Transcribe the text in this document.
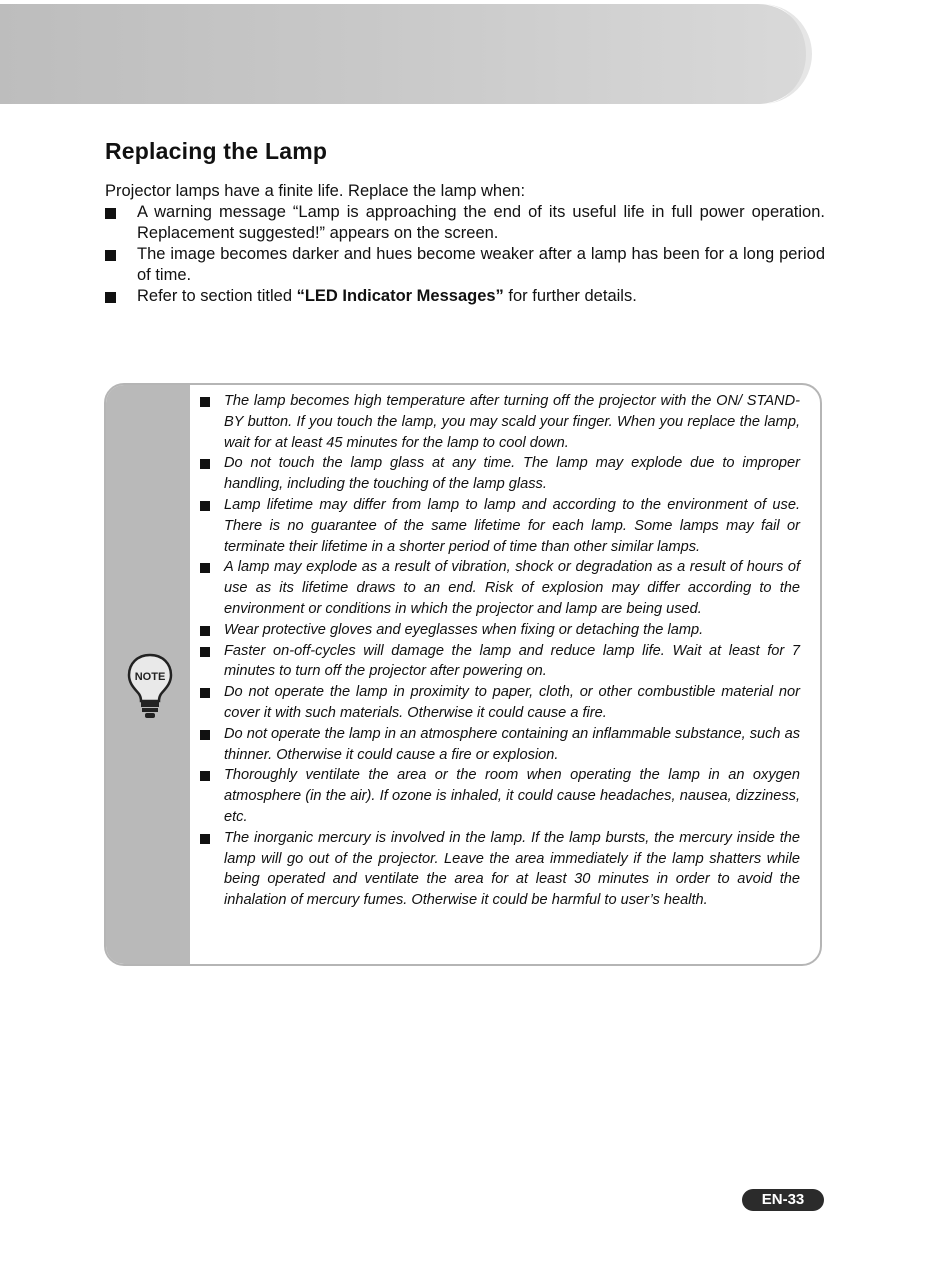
Replacing the Lamp

Projector lamps have a finite life. Replace the lamp when:

A warning message “Lamp is approaching the end of its useful life in full power operation. Replacement suggested!” appears on the screen.
The image becomes darker and hues become weaker after a lamp has been for a long period of time.
Refer to section titled “LED Indicator Messages” for further details.
NOTE
The lamp becomes high temperature after turning off the projector with the ON/ STAND-BY button. If you touch the lamp, you may scald your finger. When you replace the lamp, wait for at least 45 minutes for the lamp to cool down.
Do not touch the lamp glass at any time. The lamp may explode due to improper handling, including the touching of the lamp glass.
Lamp lifetime may differ from lamp to lamp and according to the environment of use. There is no guarantee of the same lifetime for each lamp. Some lamps may fail or terminate their lifetime in a shorter period of time than other similar lamps.
A lamp may explode as a result of vibration, shock or degradation as a result of hours of use as its lifetime draws to an end. Risk of explosion may differ according to the environment or conditions in which the projector and lamp are being used.
Wear protective gloves and eyeglasses when fixing or detaching the lamp.
Faster on-off-cycles will damage the lamp and reduce lamp life. Wait at least for 7 minutes to turn off the projector after powering on.
Do not operate the lamp in proximity to paper, cloth, or other combustible material nor cover it with such materials. Otherwise it could cause a fire.
Do not operate the lamp in an atmosphere containing an inflammable substance, such as thinner. Otherwise it could cause a fire or explosion.
Thoroughly ventilate the area or the room when operating the lamp in an oxygen atmosphere (in the air). If ozone is inhaled, it could cause headaches, nausea, dizziness, etc.
The inorganic mercury is involved in the lamp. If the lamp bursts, the mercury inside the lamp will go out of the projector. Leave the area immediately if the lamp shatters while being operated and ventilate the area for at least 30 minutes in order to avoid the inhalation of mercury fumes. Otherwise it could be harmful to user’s health.
EN-33
